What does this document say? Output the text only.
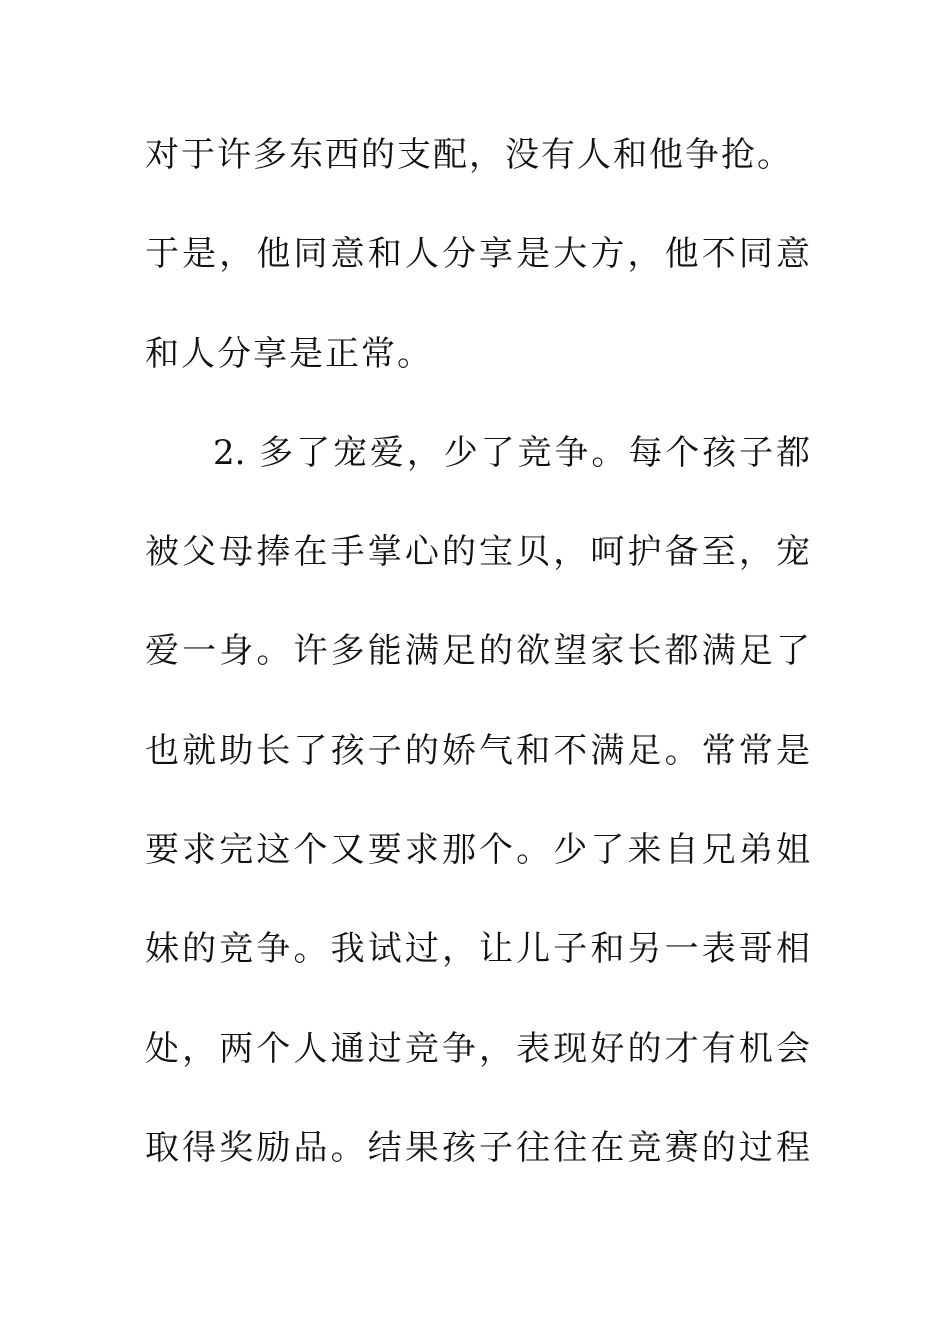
对于许多东西的支配，没有人和他争抢。
于是，他同意和人分享是大方，他不同意
和人分享是正常。
2. 多了宠爱，少了竞争。每个孩子都
被父母捧在手掌心的宝贝，呵护备至，宠
爱一身。许多能满足的欲望家长都满足了
也就助长了孩子的娇气和不满足。常常是
要求完这个又要求那个。少了来自兄弟姐
妹的竞争。我试过，让儿子和另一表哥相
处，两个人通过竞争，表现好的才有机会
取得奖励品。结果孩子往往在竞赛的过程
